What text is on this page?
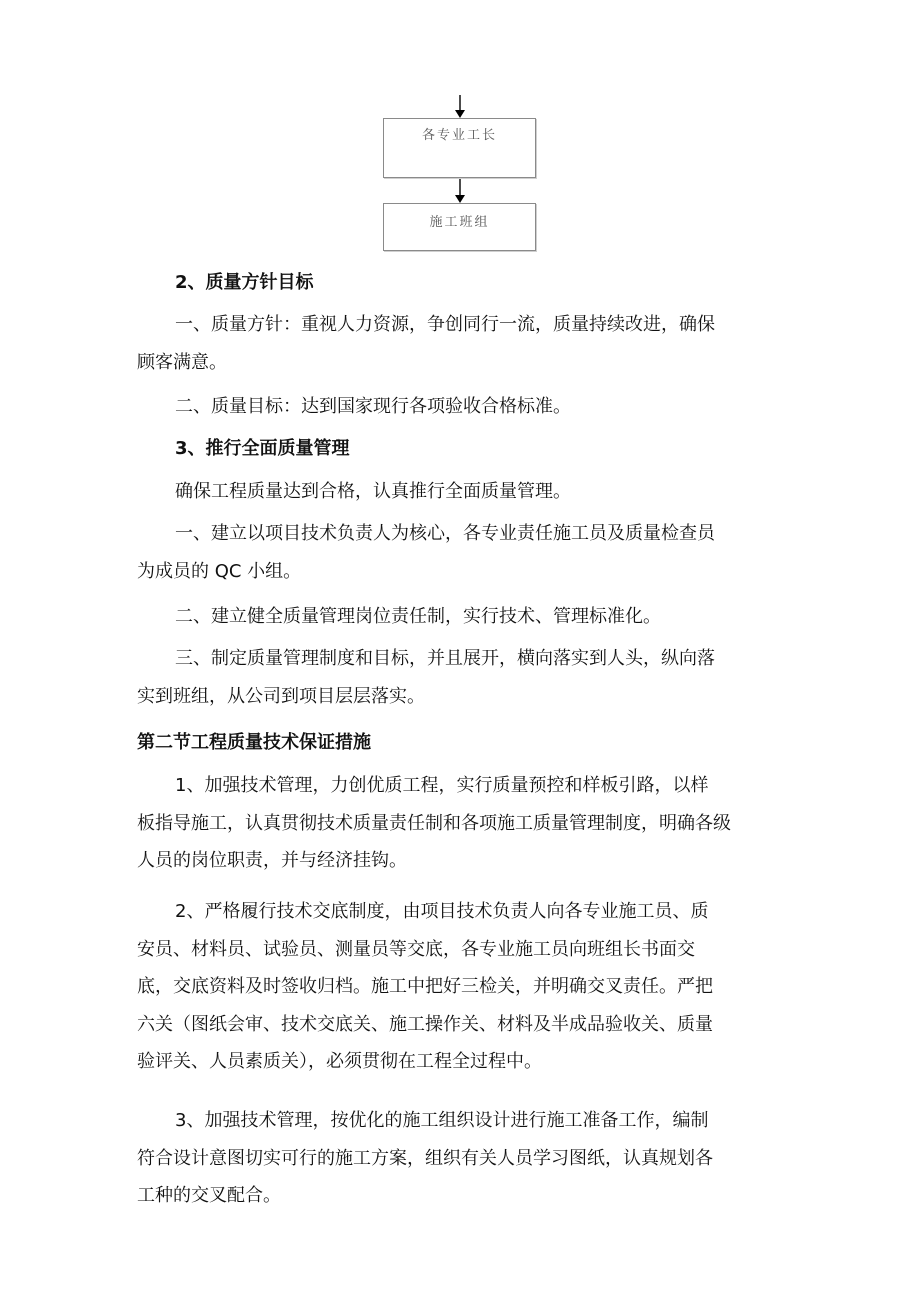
各专业工长
施工班组
2、质量方针目标
一、质量方针：重视人力资源，争创同行一流，质量持续改进，确保
顾客满意。
二、质量目标：达到国家现行各项验收合格标准。
3、推行全面质量管理
确保工程质量达到合格，认真推行全面质量管理。
一、建立以项目技术负责人为核心，各专业责任施工员及质量检查员
为成员的 QC 小组。
二、建立健全质量管理岗位责任制，实行技术、管理标准化。
三、制定质量管理制度和目标，并且展开，横向落实到人头，纵向落
实到班组，从公司到项目层层落实。
第二节工程质量技术保证措施
1、加强技术管理，力创优质工程，实行质量预控和样板引路，以样
板指导施工，认真贯彻技术质量责任制和各项施工质量管理制度，明确各级
人员的岗位职责，并与经济挂钩。
2、严格履行技术交底制度，由项目技术负责人向各专业施工员、质
安员、材料员、试验员、测量员等交底，各专业施工员向班组长书面交
底，交底资料及时签收归档。施工中把好三检关，并明确交叉责任。严把
六关（图纸会审、技术交底关、施工操作关、材料及半成品验收关、质量
验评关、人员素质关），必须贯彻在工程全过程中。
3、加强技术管理，按优化的施工组织设计进行施工准备工作，编制
符合设计意图切实可行的施工方案，组织有关人员学习图纸，认真规划各
工种的交叉配合。
